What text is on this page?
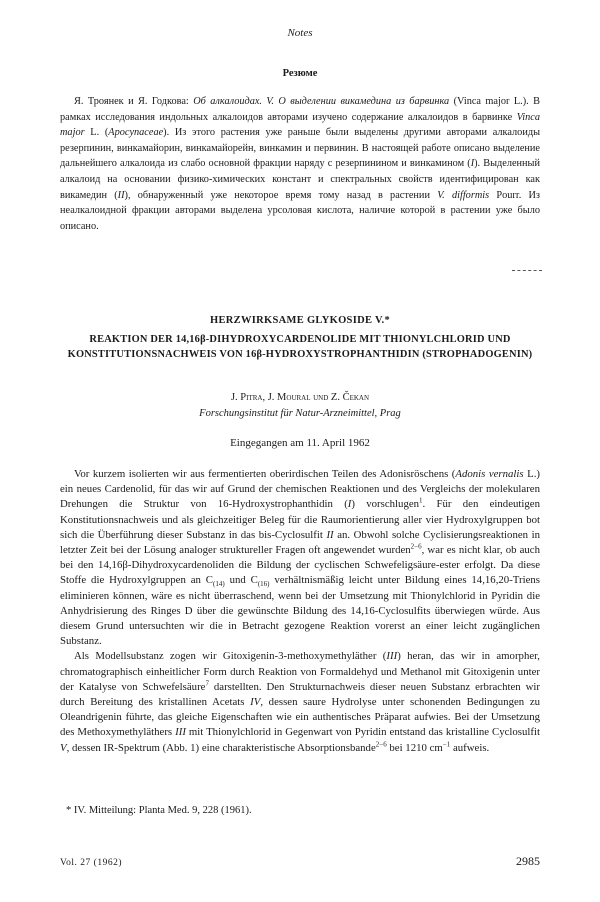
Notes
Резюме

Я. Троянек и Я. Годкова: Об алкалоидах. V. О выделении викамедина из барвинка (Vinca major L.). В рамках исследования индольных алкалоидов авторами изучено содержание алкалоидов в барвинке Vinca major L. (Apocynaceae). Из этого растения уже раньше были выделены другими авторами алкалоиды резерпинин, винкамайорин, винкамайорейн, винкамин и первинин. В настоящей работе описано выделение дальнейшего алкалоида из слабо основной фракции наряду с резерпинином и винкамином (I). Выделенный алкалоид на основании физико-химических констант и спектральных свойств идентифицирован как викамедин (II), обнаруженный уже некоторое время тому назад в растении V. difformis Pourr. Из неалкалоидной фракции авторами выделена урсоловая кислота, наличие которой в растении уже было описано.

HERZWIRKSAME GLYKOSIDE V.*
REAKTION DER 14,16β-DIHYDROXYCARDENOLIDE MIT THIONYLCHLORID UND KONSTITUTIONSNACHWEIS VON 16β-HYDROXYSTROPHANTHIDIN (STROPHADOGENIN)
J. Pitra, J. Moural und Z. Čekan
Forschungsinstitut für Natur-Arzneimittel, Prag
Eingegangen am 11. April 1962

Vor kurzem isolierten wir aus fermentierten oberirdischen Teilen des Adonisröschens (Adonis vernalis L.) ein neues Cardenolid, für das wir auf Grund der chemischen Reaktionen und des Vergleichs der molekularen Drehungen die Struktur von 16-Hydroxystrophanthidin (I) vorschlugen$^1$. Für den eindeutigen Konstitutionsnachweis und als gleichzeitiger Beleg für die Raumorientierung aller vier Hydroxylgruppen bot sich die Überführung dieser Substanz in das bis-Cyclosulfit II an. Obwohl solche Cyclisierungsreaktionen in letzter Zeit bei der Lösung analoger struktureller Fragen oft angewendet wurden$^{2-6}$, war es nicht klar, ob auch bei den 14,16β-Dihydroxycardenoliden die Bildung der cyclischen Schwefeligsäure-ester erfolgt. Da diese Stoffe die Hydroxylgruppen an $C_{(14)}$ und $C_{(16)}$ verhältnismäßig leicht unter Bildung eines 14,16,20-Triens eliminieren können, wäre es nicht überraschend, wenn bei der Umsetzung mit Thionylchlorid in Pyridin die Anhydrisierung des Ringes D über die gewünschte Bildung des 14,16-Cyclosulfits überwiegen würde. Aus diesem Grund untersuchten wir die in Betracht gezogene Reaktion vorerst an einer leicht zugänglichen Substanz.

Als Modellsubstanz zogen wir Gitoxigenin-3-methoxymethyläther (III) heran, das wir in amorpher, chromatographisch einheitlicher Form durch Reaktion von Formaldehyd und Methanol mit Gitoxigenin unter der Katalyse von Schwefelsäure$^7$ darstellten. Den Strukturnachweis dieser neuen Substanz erbrachten wir durch Bereitung des kristallinen Acetats IV, dessen saure Hydrolyse unter schonenden Bedingungen zu Oleandrigenin führte, das gleiche Eigenschaften wie ein authentisches Präparat aufwies. Bei der Umsetzung des Methoxymethyläthers III mit Thionylchlorid in Gegenwart von Pyridin entstand das kristalline Cyclosulfit V, dessen IR-Spektrum (Abb. 1) eine charakteristische Absorptionsbande$^{2-6}$ bei 1210 $cm^{-1}$ aufweis.

* IV. Mitteilung: Planta Med. 9, 228 (1961).
Vol. 27 (1962)	2985
